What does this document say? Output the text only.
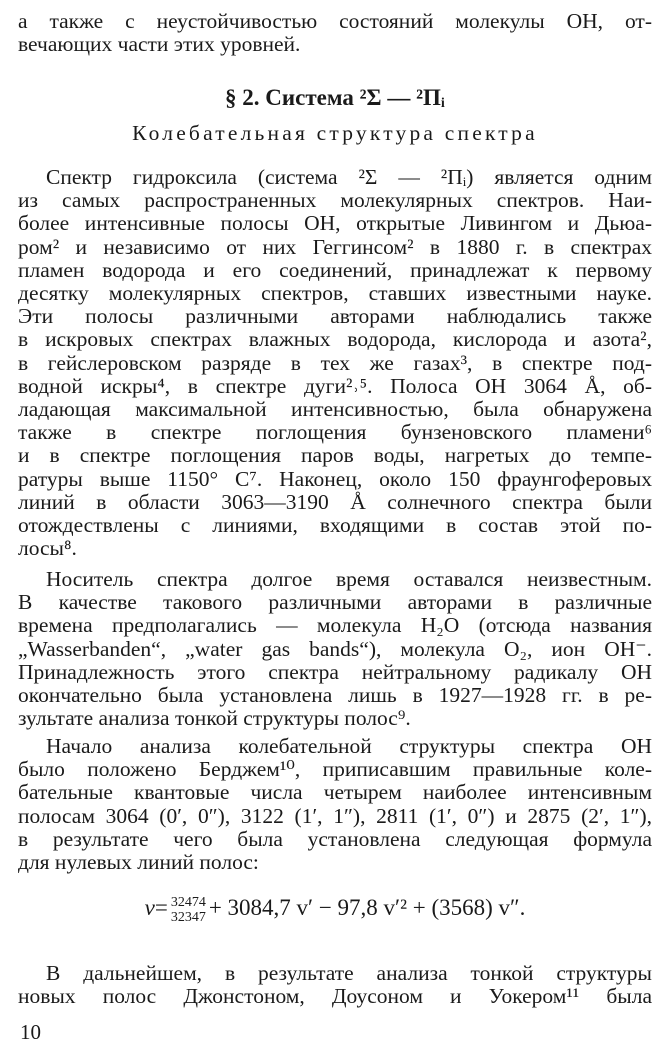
а также с неустойчивостью состояний молекулы OH, от-
вечающих части этих уровней.
§ 2. Система ²Σ — ²Πᵢ
Колебательная структура спектра
Спектр гидроксила (система ²Σ — ²Πᵢ) является одним
из самых распространенных молекулярных спектров. Наи-
более интенсивные полосы OH, открытые Ливингом и Дьюа-
ром² и независимо от них Геггинсом² в 1880 г. в спектрах
пламен водорода и его соединений, принадлежат к первому
десятку молекулярных спектров, ставших известными науке.
Эти полосы различными авторами наблюдались также
в искровых спектрах влажных водорода, кислорода и азота²,
в гейслеровском разряде в тех же газах³, в спектре под-
водной искры⁴, в спектре дуги²˒⁵. Полоса OH 3064 Å, об-
ладающая максимальной интенсивностью, была обнаружена
также в спектре поглощения бунзеновского пламени⁶
и в спектре поглощения паров воды, нагретых до темпе-
ратуры выше 1150° C⁷. Наконец, около 150 фраунгоферовых
линий в области 3063—3190 Å солнечного спектра были
отождествлены с линиями, входящими в состав этой по-
лосы⁸.
Носитель спектра долгое время оставался неизвестным.
В качестве такового различными авторами в различные
времена предполагались — молекула H₂O (отсюда названия
„Wasserbanden“, „water gas bands“), молекула O₂, ион OH⁻.
Принадлежность этого спектра нейтральному радикалу OH
окончательно была установлена лишь в 1927—1928 гг. в ре-
зультате анализа тонкой структуры полос⁹.
Начало анализа колебательной структуры спектра OH
было положено Берджем¹⁰, приписавшим правильные коле-
бательные квантовые числа четырем наиболее интенсивным
полосам 3064 (0′, 0″), 3122 (1′, 1″), 2811 (1′, 0″) и 2875 (2′, 1″),
в результате чего была установлена следующая формула
для нулевых линий полос:
ν= 32474
32347 + 3084,7 v′ − 97,8 v′² + (3568) v″.
В дальнейшем, в результате анализа тонкой структуры
новых полос Джонстоном, Доусоном и Уокером¹¹ была
10
